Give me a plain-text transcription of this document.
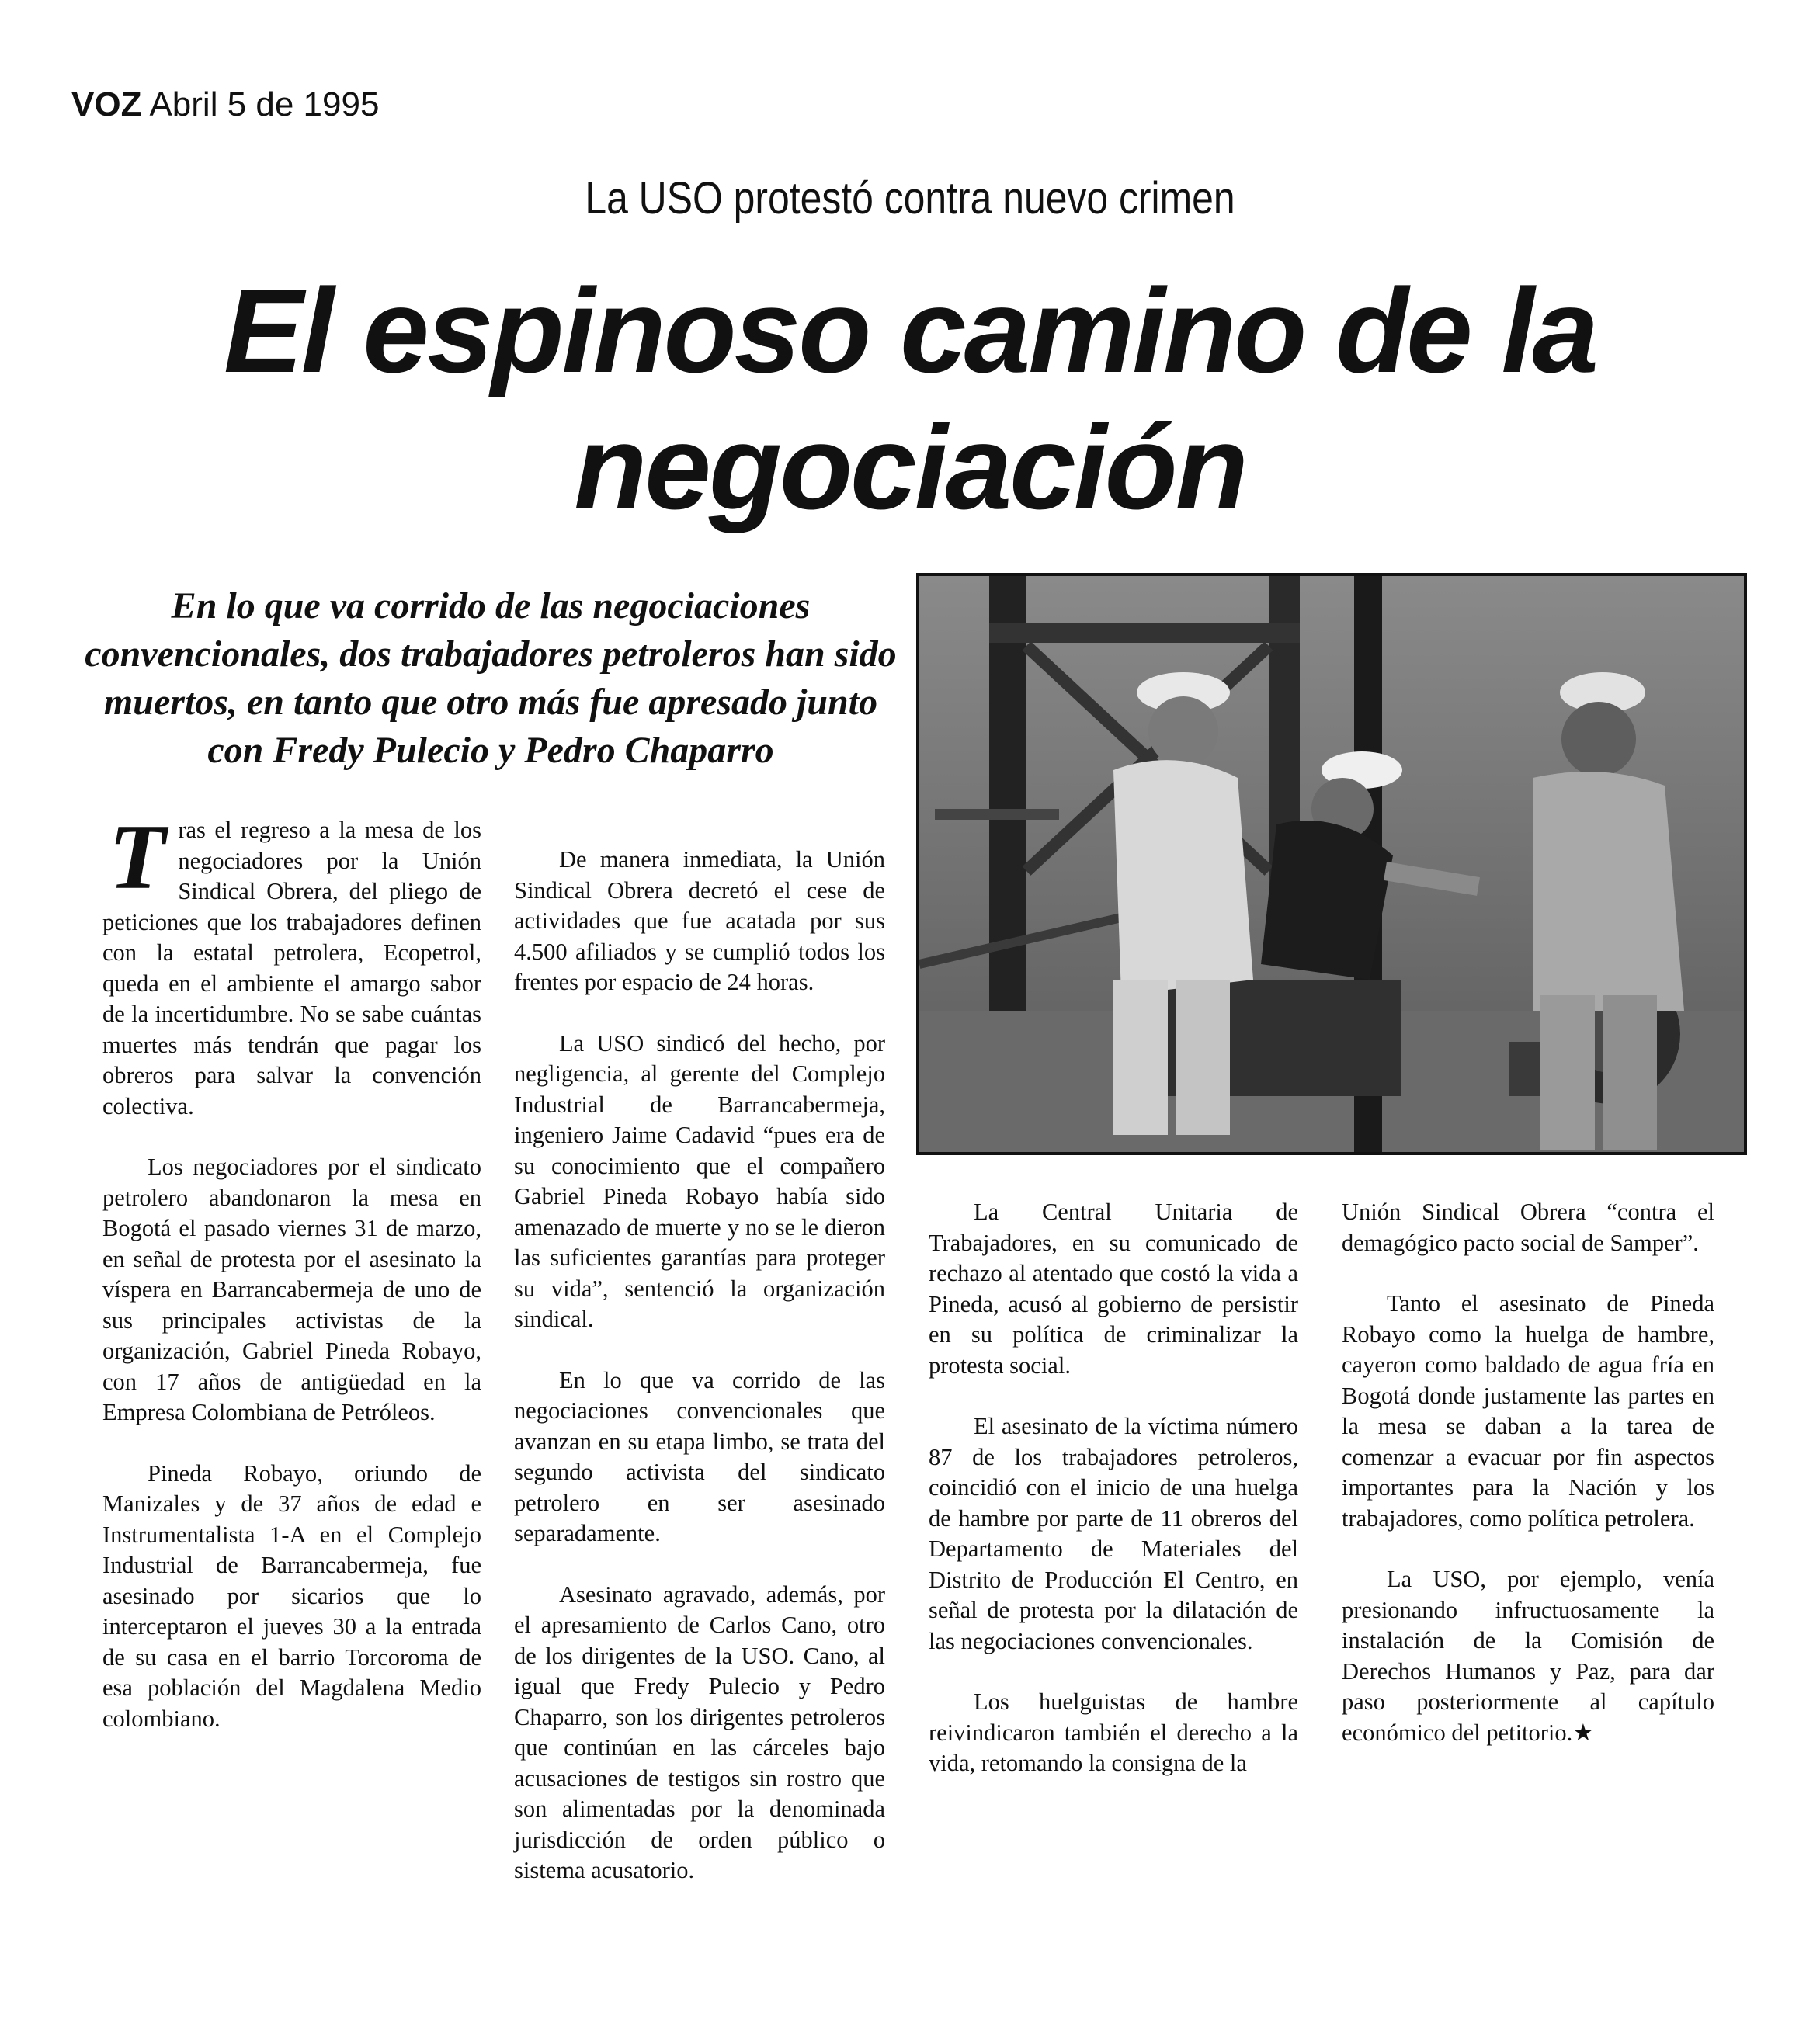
VOZ Abril 5 de 1995
La USO protestó contra nuevo crimen
El espinoso camino de la
negociación
En lo que va corrido de las negociaciones convencionales, dos trabajadores petroleros han sido muertos, en tanto que otro más fue apresado junto con Fredy Pulecio y Pedro Chaparro

Tras el regreso a la mesa de los negociadores por la Unión Sindical Obrera, del pliego de peticiones que los trabajadores definen con la estatal petrolera, Ecopetrol, queda en el ambiente el amargo sabor de la incertidumbre. No se sabe cuántas muertes más tendrán que pagar los obreros para salvar la convención colectiva.

Los negociadores por el sindicato petrolero abandonaron la mesa en Bogotá el pasado viernes 31 de marzo, en señal de protesta por el asesinato la víspera en Barrancabermeja de uno de sus principales activistas de la organización, Gabriel Pineda Robayo, con 17 años de antigüedad en la Empresa Colombiana de Petróleos.

Pineda Robayo, oriundo de Manizales y de 37 años de edad e Instrumentalista 1-A en el Complejo Industrial de Barrancabermeja, fue asesinado por sicarios que lo interceptaron el jueves 30 a la entrada de su casa en el barrio Torcoroma de esa población del Magdalena Medio colombiano.

De manera inmediata, la Unión Sindical Obrera decretó el cese de actividades que fue acatada por sus 4.500 afiliados y se cumplió todos los frentes por espacio de 24 horas.

La USO sindicó del hecho, por negligencia, al gerente del Complejo Industrial de Barrancabermeja, ingeniero Jaime Cadavid “pues era de su conocimiento que el compañero Gabriel Pineda Robayo había sido amenazado de muerte y no se le dieron las suficientes garantías para proteger su vida”, sentenció la organización sindical.

En lo que va corrido de las negociaciones convencionales que avanzan en su etapa limbo, se trata del segundo activista del sindicato petrolero en ser asesinado separadamente.

Asesinato agravado, además, por el apresamiento de Carlos Cano, otro de los dirigentes de la USO. Cano, al igual que Fredy Pulecio y Pedro Chaparro, son los dirigentes petroleros que continúan en las cárceles bajo acusaciones de testigos sin rostro que son alimentadas por la denominada jurisdicción de orden público o sistema acusatorio.

La Central Unitaria de Trabajadores, en su comunicado de rechazo al atentado que costó la vida a Pineda, acusó al gobierno de persistir en su política de criminalizar la protesta social.

El asesinato de la víctima número 87 de los trabajadores petroleros, coincidió con el inicio de una huelga de hambre por parte de 11 obreros del Departamento de Materiales del Distrito de Producción El Centro, en señal de protesta por la dilatación de las negociaciones convencionales.

Los huelguistas de hambre reivindicaron también el derecho a la vida, retomando la consigna de la

Unión Sindical Obrera “contra el demagógico pacto social de Samper”.

Tanto el asesinato de Pineda Robayo como la huelga de hambre, cayeron como baldado de agua fría en Bogotá donde justamente las partes en la mesa se daban a la tarea de comenzar a evacuar por fin aspectos importantes para la Nación y los trabajadores, como política petrolera.

La USO, por ejemplo, venía presionando infructuosamente la instalación de la Comisión de Derechos Humanos y Paz, para dar paso posteriormente al capítulo económico del petitorio.★
